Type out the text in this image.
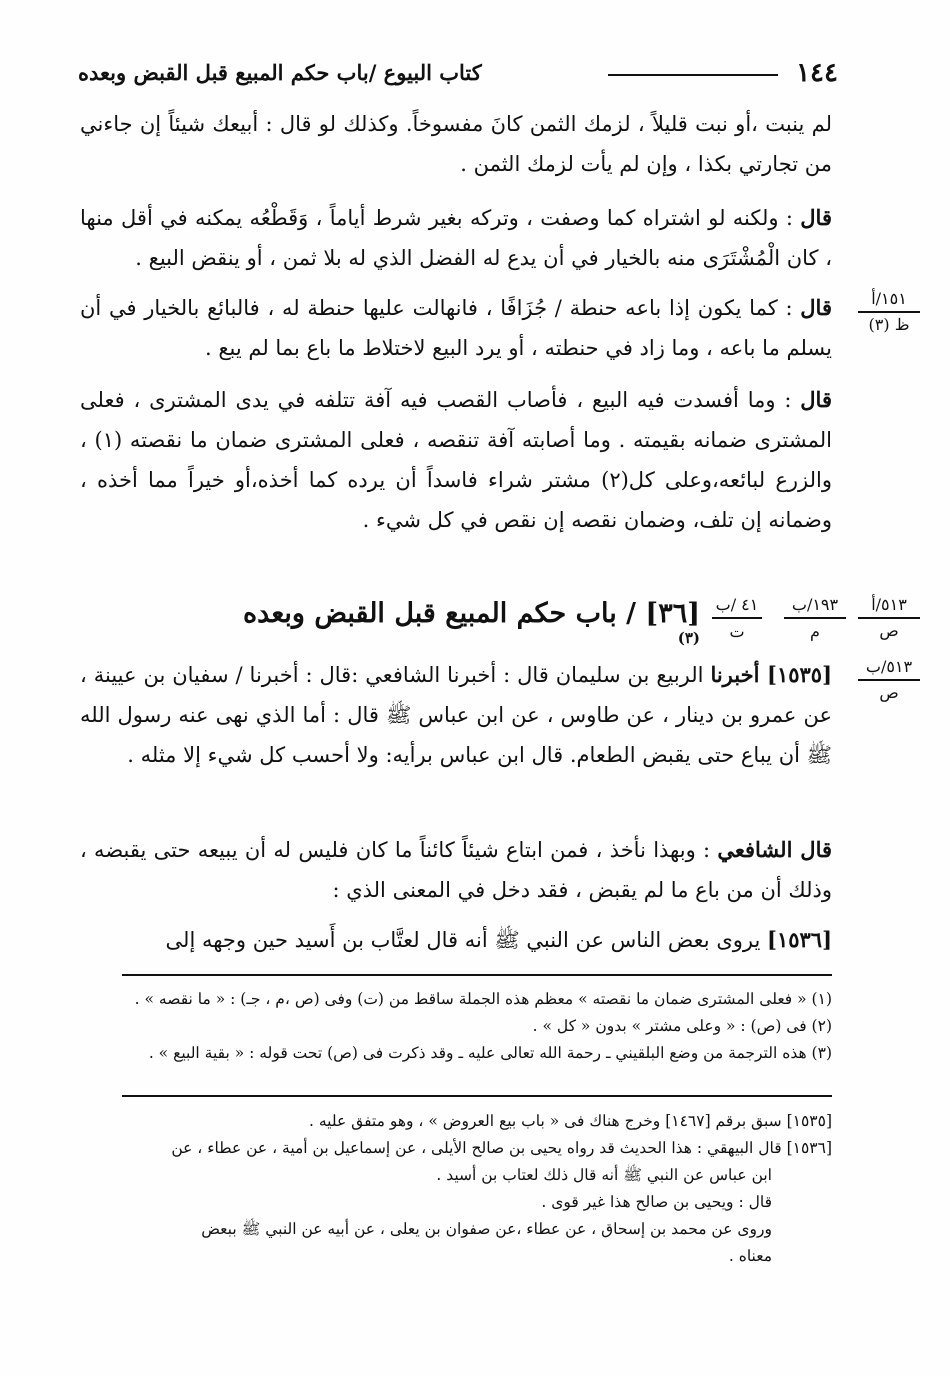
١٤٤
كتاب البيوع /باب حكم المبيع قبل القبض وبعده
لم ينبت ،أو نبت قليلاً ، لزمك الثمن كانَ مفسوخاً. وكذلك لو قال : أبيعك شيئاً إن جاءني من تجارتي بكذا ، وإن لم يأت لزمك الثمن .
قال : ولكنه لو اشتراه كما وصفت ، وتركه بغير شرط أياماً ، وَقَطْعُه يمكنه في أقل منها ، كان الْمُشْتَرَى منه بالخيار في أن يدع له الفضل الذي له بلا ثمن ، أو ينقض البيع .
قال : كما يكون إذا باعه حنطة / جُزَافًا ، فانهالت عليها حنطة له ، فالبائع بالخيار في أن يسلم ما باعه ، وما زاد في حنطته ، أو يرد البيع لاختلاط ما باع بما لم يبع .
١٥١/أ
ظ (٣)
قال : وما أفسدت فيه البيع ، فأصاب القصب فيه آفة تتلفه في يدى المشترى ، فعلى المشترى ضمانه بقيمته . وما أصابته آفة تنقصه ، فعلى المشترى ضمان ما نقصته (١) ، والزرع لبائعه،وعلى كل(٢) مشتر شراء فاسداً أن يرده كما أخذه،أو خيراً مما أخذه ، وضمانه إن تلف، وضمان نقصه إن نقص في كل شيء .
[٣٦] / باب حكم المبيع قبل القبض وبعده $^{(٣)}$
٤١ /ب
ت
١٩٣/ب
م
٥١٣/أ
ص
٥١٣/ب
ص
[١٥٣٥] أخبرنا الربيع بن سليمان قال : أخبرنا الشافعي :قال : أخبرنا / سفيان بن عيينة ، عن عمرو بن دينار ، عن طاوس ، عن ابن عباس ﷺ قال : أما الذي نهى عنه رسول الله ﷺ أن يباع حتى يقبض الطعام. قال ابن عباس برأيه: ولا أحسب كل شيء إلا مثله .
قال الشافعي : وبهذا نأخذ ، فمن ابتاع شيئاً كائناً ما كان فليس له أن يبيعه حتى يقبضه ، وذلك أن من باع ما لم يقبض ، فقد دخل في المعنى الذي :
[١٥٣٦] يروى بعض الناس عن النبي ﷺ أنه قال لعتَّاب بن أَسيد حين وجهه إلى
(١) « فعلى المشترى ضمان ما نقصته » معظم هذه الجملة ساقط من (ت) وفى (ص ،م ، جـ) : « ما نقصه » .
(٢) فى (ص) : « وعلى مشتر » بدون « كل » .
(٣) هذه الترجمة من وضع البلقيني ـ رحمة الله تعالى عليه ـ وقد ذكرت فى (ص) تحت قوله : « بقية البيع » .
[١٥٣٥] سبق برقم [١٤٦٧] وخرج هناك فى « باب بيع العروض » ، وهو متفق عليه .
[١٥٣٦] قال البيهقي : هذا الحديث قد رواه يحيى بن صالح الأيلى ، عن إسماعيل بن أمية ، عن عطاء ، عن
ابن عباس عن النبي ﷺ أنه قال ذلك لعتاب بن أسيد .
قال : ويحيى بن صالح هذا غير قوى .
وروى عن محمد بن إسحاق ، عن عطاء ،عن صفوان بن يعلى ، عن أبيه عن النبي ﷺ ببعض
معناه .
